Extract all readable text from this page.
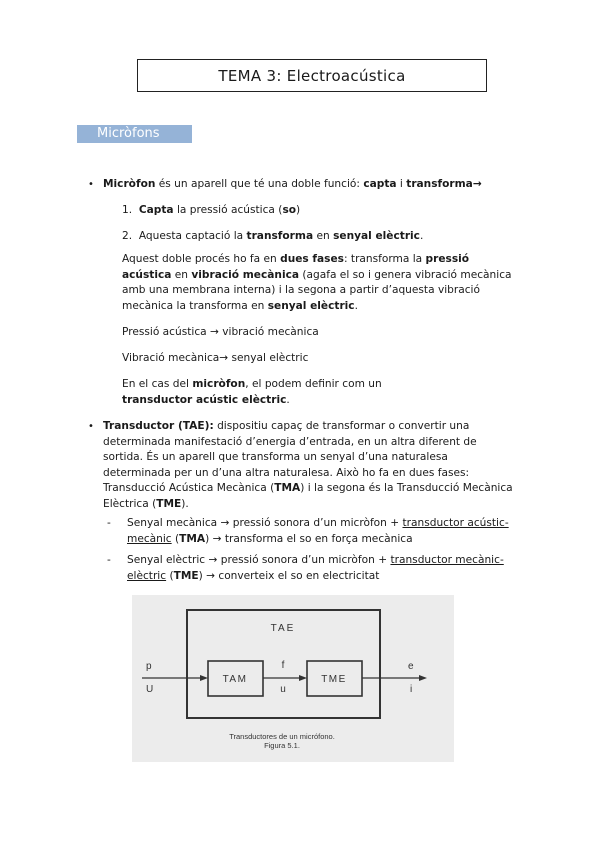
TEMA 3: Electroacústica
Micròfons
• Micròfon és un aparell que té una doble funció: capta i transforma→

1. Capta la pressió acústica (so)

2. Aquesta captació la transforma en senyal elèctric.

Aquest doble procés ho fa en dues fases: transforma la pressió acústica en vibració mecànica (agafa el so i genera vibració mecànica amb una membrana interna) i la segona a partir d’aquesta vibració mecànica la transforma en senyal elèctric.

Pressió acústica → vibració mecànica

Vibració mecànica→ senyal elèctric

En el cas del micròfon, el podem definir com un transductor acústic elèctric.

• Transductor (TAE): dispositiu capaç de transformar o convertir una determinada manifestació d’energia d’entrada, en un altra diferent de sortida. És un aparell que transforma un senyal d’una naturalesa determinada per un d’una altra naturalesa. Això ho fa en dues fases: Transducció Acústica Mecànica (TMA) i la segona és la Transducció Mecànica Elèctrica (TME).

- Senyal mecànica → pressió sonora d’un micròfon + transductor acústic-mecànic (TMA) → transforma el so en força mecànica

- Senyal elèctric → pressió sonora d’un micròfon + transductor mecànic-elèctric (TME) → converteix el so en electricitat

TAE
TAM	TME
p
U
f
u
e
i
Transductores de un micrófono.
Figura 5.1.
